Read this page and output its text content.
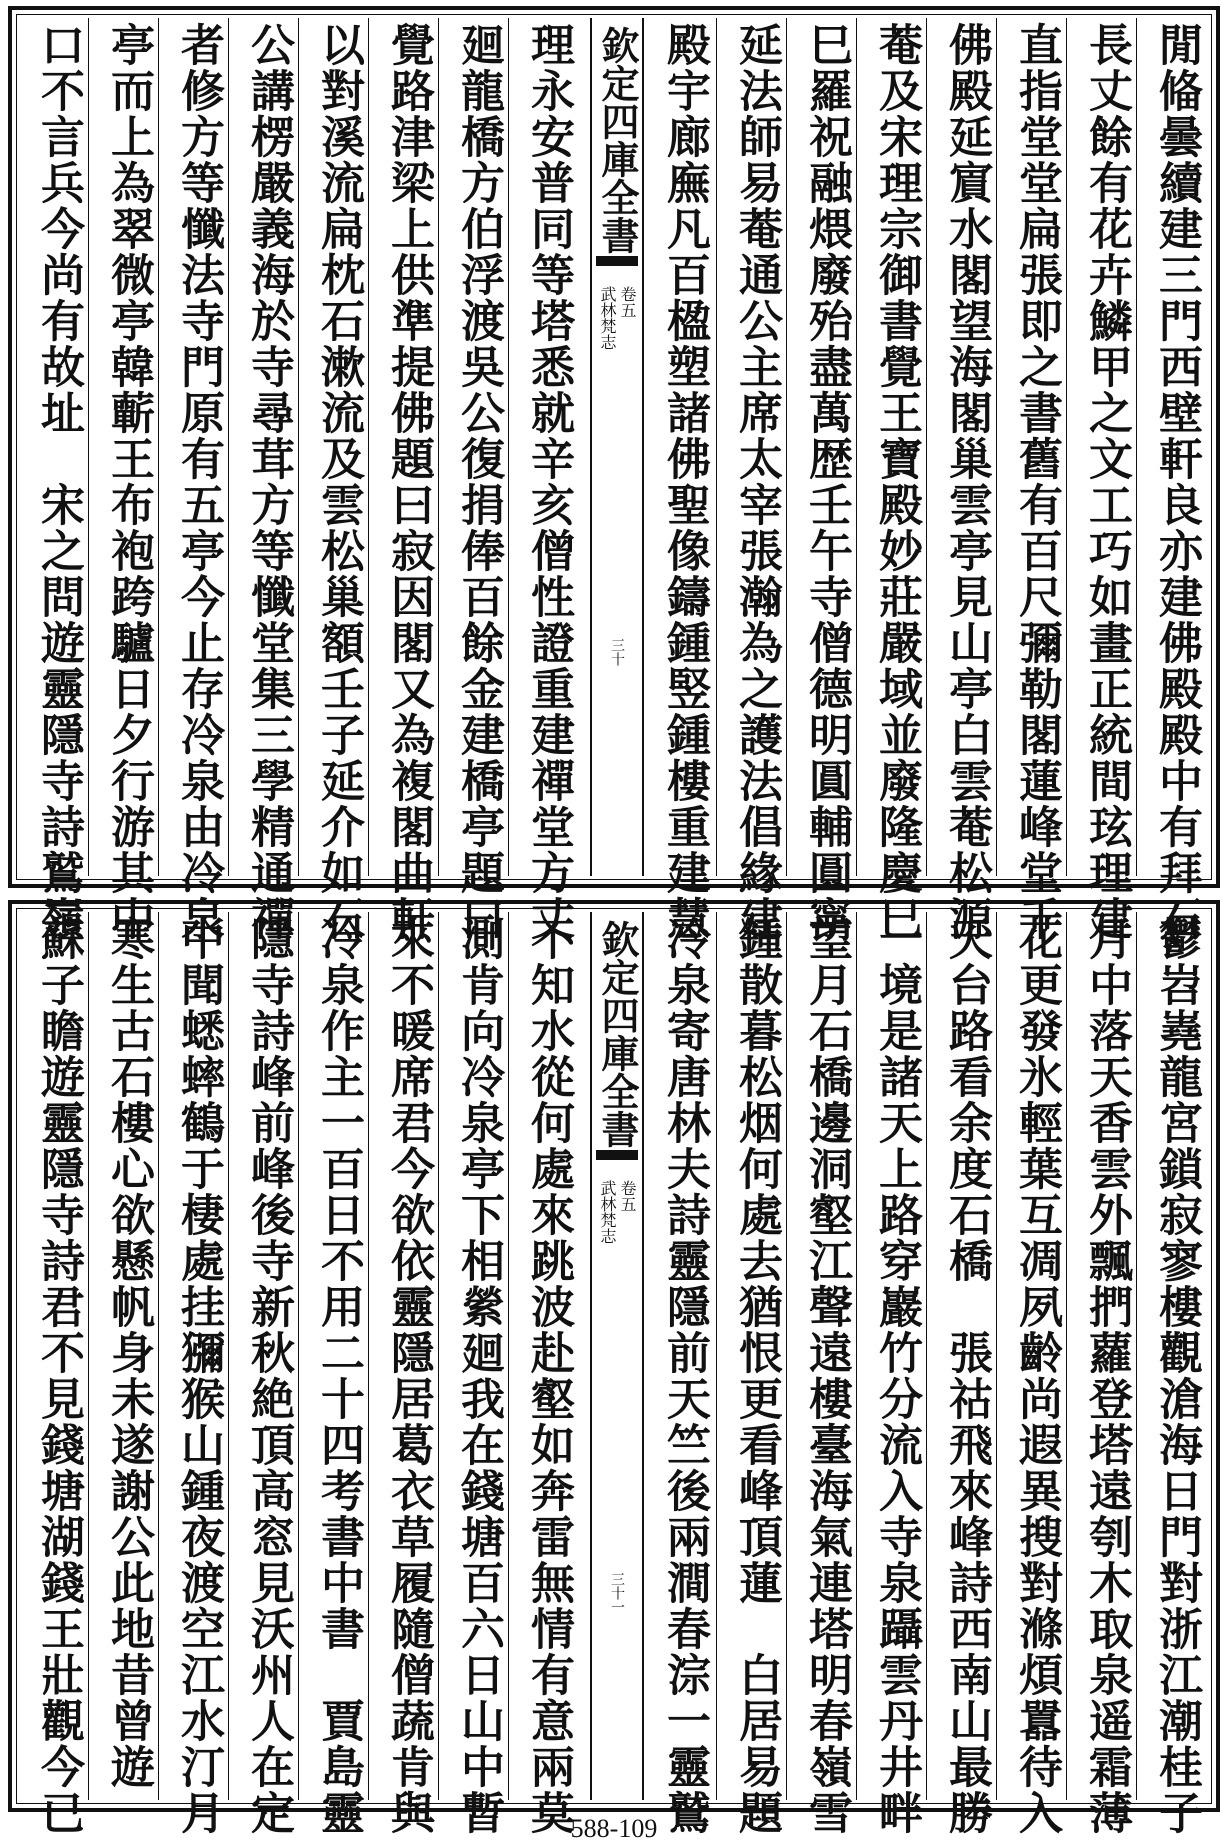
閒偹曇續建三門西壁軒良亦建佛殿殿中有拜石
長丈餘有花卉鱗甲之文工巧如畫正統間玹理建
直指堂堂扁張即之書舊有百尺彌勒閣蓮峰堂千
佛殿延賔水閣望海閣巢雲亭見山亭白雲菴松源
菴及宋理宗御書覺王寶殿妙莊嚴域並廢隆慶巳
巳羅祝融煨廢殆盡萬歴壬午寺僧德明圓輔圓寧
延法師易菴通公主席太宰張瀚為之護法倡緣建
殿宇廊廡凡百楹塑諸佛聖像鑄鍾竪鍾樓重建慧
欽定四庫全書
武林梵志 卷五
三十
理永安普同等塔悉就辛亥僧性證重建禪堂方丈
廻龍橋方伯浮渡吳公復捐俸百餘金建橋亭題曰
覺路津梁上供準提佛題曰寂因閣又為複閣曲軒
以對溪流扁枕石漱流及雲松巢額壬子延介如石
公講楞嚴義海於寺尋茸方等懺堂集三學精通禪
者修方等懺法寺門原有五亭今止存冷泉由冷泉
亭而上為翠微亭韓蘄王布袍跨驢日夕行游其中
口不言兵今尚有故址　宋之問遊靈隱寺詩鷲嶺
鬱岧嶤龍宮鎖寂寥樓觀滄海日門對浙江潮桂子
月中落天香雲外飄捫蘿登塔遠刳木取泉遥霜薄
花更發氷輕葉互凋夙齡尚遐異搜對滌煩囂待入
天台路看余度石橋　張祜飛來峰詩西南山最勝
一境是諸天上路穿巖竹分流入寺泉躡雲丹井畔
望月石橋邊洞壑江聲遠樓臺海氣連塔明春嶺雪
鍾散暮松烟何處去猶恨更看峰頂蓮　白居易題
冷泉寄唐林夫詩靈隱前天竺後兩澗春淙一靈鷲
欽定四庫全書
武林梵志 卷五
三十一
不知水從何處來跳波赴壑如奔雷無情有意兩莫
測肯向冷泉亭下相縈廻我在錢塘百六日山中暫
來不暖席君今欲依靈隱居葛衣草履隨僧蔬肯與
冷泉作主一百日不用二十四考書中書　賈島靈
隱寺詩峰前峰後寺新秋絶頂高窓見沃州人在定
中聞蟋蟀鶴于棲處挂獼猴山鍾夜渡空江水汀月
寒生古石樓心欲懸帆身未遂謝公此地昔曾遊
蘇子瞻遊靈隱寺詩君不見錢塘湖錢王壯觀今已	588-109
